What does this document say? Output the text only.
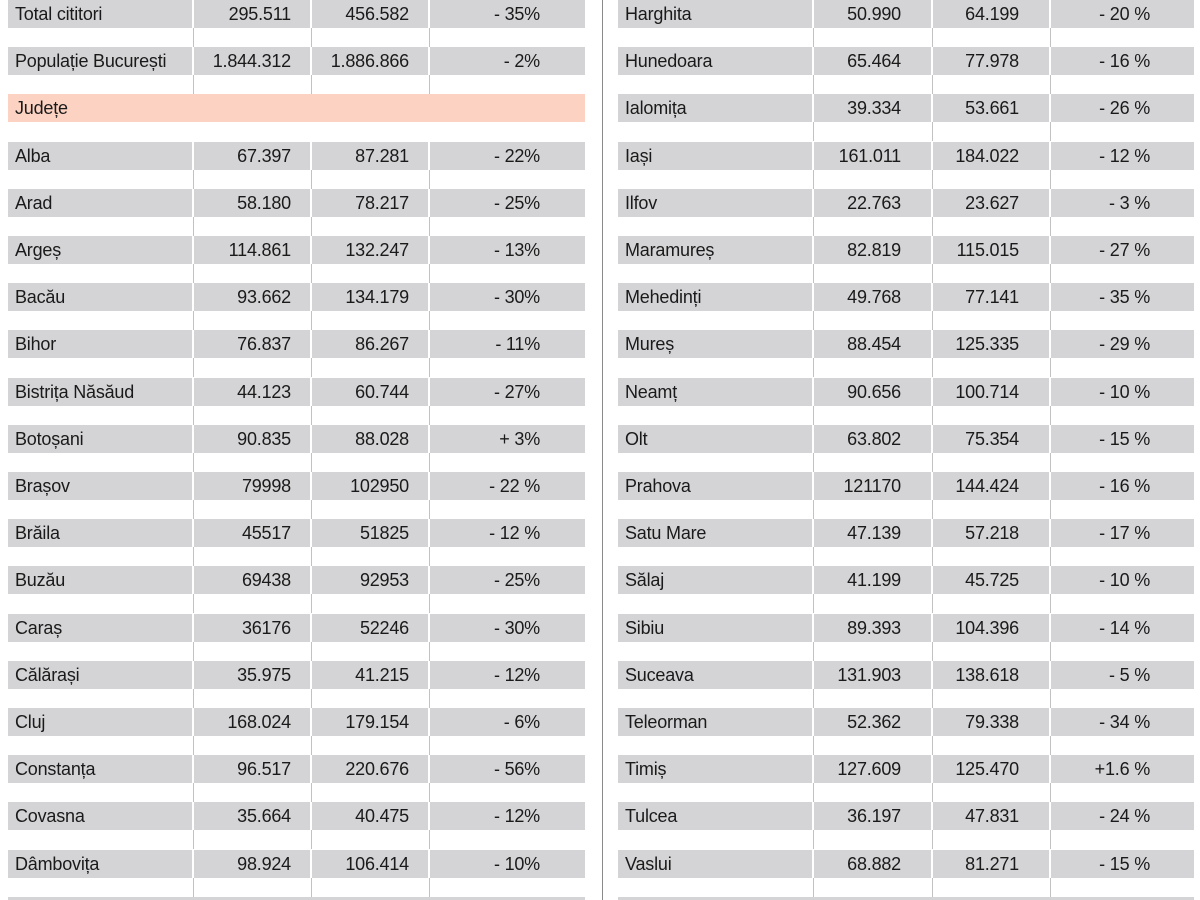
Total cititori	295.511	456.582	- 35%
Populație București	1.844.312 1.886.866	- 2%
Județe
Alba	67.397	87.281	- 22%
Arad	58.180	78.217	- 25%
Argeș	114.861	132.247	- 13%
Bacău	93.662	134.179	- 30%
Bihor	76.837	86.267	- 11%
Bistrița Năsăud	44.123	60.744	- 27%
Botoșani	90.835	88.028	+ 3%
Brașov	79998	102950	- 22 %
Brăila	45517	51825	- 12 %
Buzău	69438	92953	- 25%
Caraș	36176	52246	- 30%
Călărași	35.975	41.215	- 12%
Cluj	168.024	179.154	- 6%
Constanța	96.517	220.676	- 56%
Covasna	35.664	40.475	- 12%
Dâmbovița	98.924	106.414	- 10%
Harghita	50.990	64.199	- 20 %
Hunedoara	65.464	77.978	- 16 %
Ialomița	39.334	53.661	- 26 %
Iași	161.011	184.022	- 12 %
Ilfov	22.763	23.627	- 3 %
Maramureș	82.819	115.015	- 27 %
Mehedinți	49.768	77.141	- 35 %
Mureș	88.454	125.335	- 29 %
Neamț	90.656	100.714	- 10 %
Olt	63.802	75.354	- 15 %
Prahova	121170	144.424	- 16 %
Satu Mare	47.139	57.218	- 17 %
Sălaj	41.199	45.725	- 10 %
Sibiu	89.393	104.396	- 14 %
Suceava	131.903	138.618	- 5 %
Teleorman	52.362	79.338	- 34 %
Timiș	127.609	125.470	+1.6 %
Tulcea	36.197	47.831	- 24 %
Vaslui	68.882	81.271	- 15 %
